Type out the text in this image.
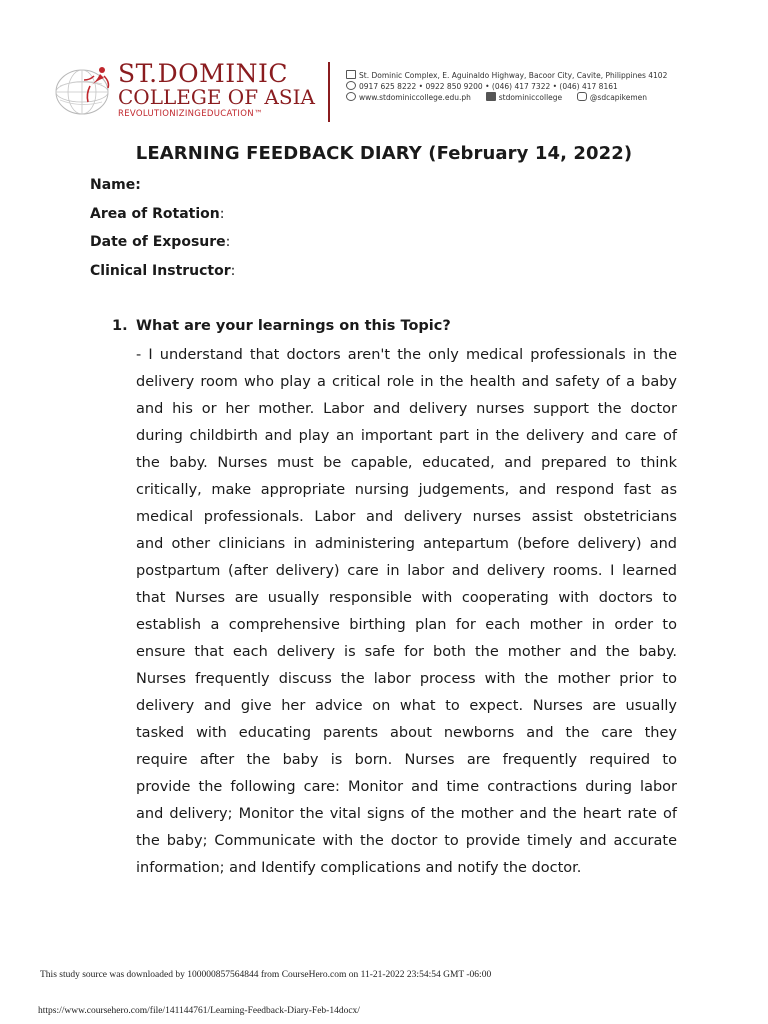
ST.DOMINIC
COLLEGE OF ASIA
REVOLUTIONIZINGEDUCATION™
St. Dominic Complex, E. Aguinaldo Highway, Bacoor City, Cavite, Philippines 4102
0917 625 8222 • 0922 850 9200 • (046) 417 7322 • (046) 417 8161
www.stdominiccollege.edu.ph	stdominiccollege	@sdcapikemen
LEARNING FEEDBACK DIARY (February 14, 2022)
Name:
Area of Rotation:
Date of Exposure:
Clinical Instructor:
1. What are your learnings on this Topic?
- I understand that doctors aren't the only medical professionals in the
delivery room who play a critical role in the health and safety of a baby
and his or her mother. Labor and delivery nurses support the doctor
during childbirth and play an important part in the delivery and care of
the baby. Nurses must be capable, educated, and prepared to think
critically, make appropriate nursing judgements, and respond fast as
medical professionals. Labor and delivery nurses assist obstetricians
and other clinicians in administering antepartum (before delivery) and
postpartum (after delivery) care in labor and delivery rooms. I learned
that Nurses are usually responsible with cooperating with doctors to
establish a comprehensive birthing plan for each mother in order to
ensure that each delivery is safe for both the mother and the baby.
Nurses frequently discuss the labor process with the mother prior to
delivery and give her advice on what to expect. Nurses are usually
tasked with educating parents about newborns and the care they
require after the baby is born. Nurses are frequently required to
provide the following care: Monitor and time contractions during labor
and delivery; Monitor the vital signs of the mother and the heart rate of
the baby; Communicate with the doctor to provide timely and accurate
information; and Identify complications and notify the doctor.
This study source was downloaded by 100000857564844 from CourseHero.com on 11-21-2022 23:54:54 GMT -06:00
https://www.coursehero.com/file/141144761/Learning-Feedback-Diary-Feb-14docx/
